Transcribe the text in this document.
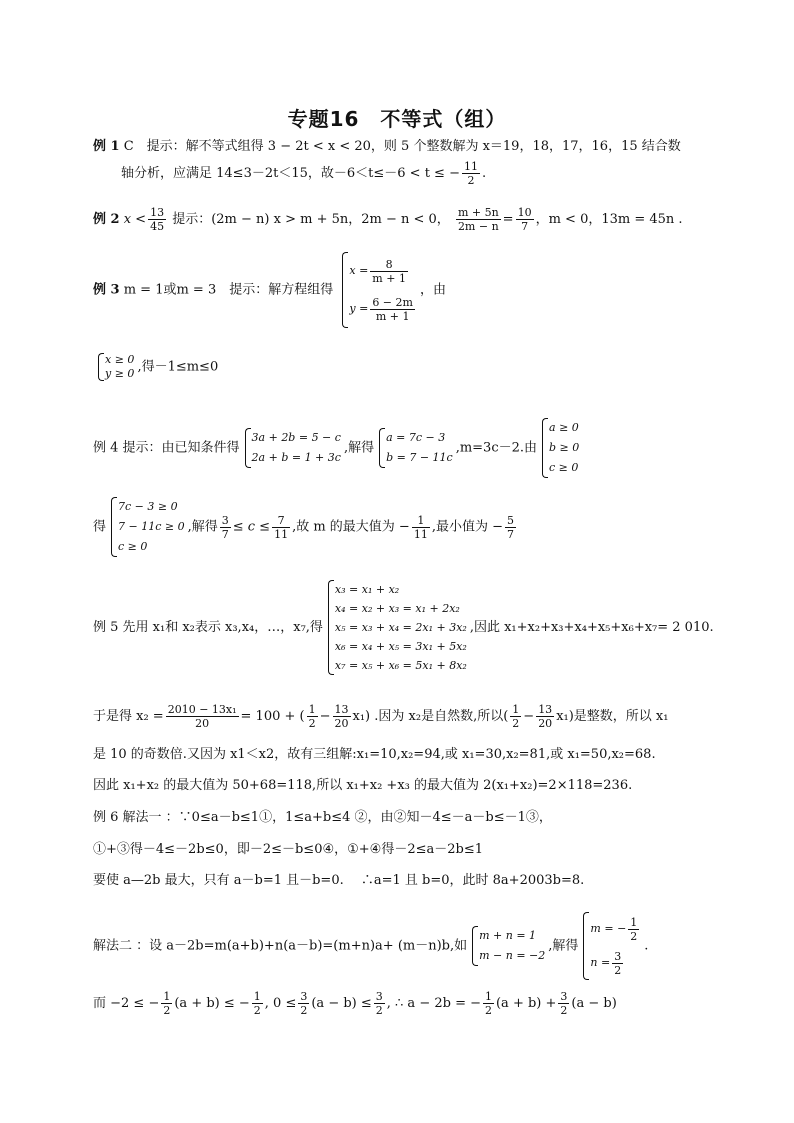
专题16　不等式（组）
例 1 C　提示：解不等式组得 3 − 2t < x < 20，则 5 个整数解为 x＝19，18，17，16，15 结合数
轴分析，应满足 14≤3－2t＜15，故－6＜t≤－6 < t ≤ − $\frac{11}{2}$ .
例 2 $x < \frac{13}{45}$ 提示：(2m − n) x > m + 5n，2m − n < 0， $\frac{m + 5n}{2m - n} = \frac{10}{7}$ ，m < 0，13m = 45n .
例 3 m = 1或m = 3　提示：解方程组得
$x = \frac{8}{m + 1}$
$y = \frac{6 - 2m}{m + 1}$
，由
x ≥ 0
y ≥ 0 ,得－1≤m≤0
例 4 提示：由已知条件得
3a + 2b = 5 − c
2a + b = 1 + 3c
,解得
a = 7c − 3
b = 7 − 11c
,m=3c－2.由
a ≥ 0
b ≥ 0
c ≥ 0
得
7c − 3 ≥ 0
7 − 11c ≥ 0
c ≥ 0
,解得 $\frac{3}{7} \le c \le \frac{7}{11}$ ,故 m 的最大值为 − $\frac{1}{11}$ ,最小值为 − $\frac{5}{7}$
例 5 先用 x₁和 x₂表示 x₃,x₄，…，x₇,得
x₃ = x₁ + x₂
x₄ = x₂ + x₃ = x₁ + 2x₂
x₅ = x₃ + x₄ = 2x₁ + 3x₂
x₆ = x₄ + x₅ = 3x₁ + 5x₂
x₇ = x₅ + x₆ = 5x₁ + 8x₂
,因此 x₁+x₂+x₃+x₄+x₅+x₆+x₇= 2 010.
于是得 $x_2 = \frac{\text{2010 − 13x₁}}{20} = 100$ + ( $\frac{1}{2} - \frac{13}{20} x_1$) .因为 x₂是自然数,所以( $\frac{1}{2} - \frac{13}{20} x_1$)是整数，所以 x₁
是 10 的奇数倍.又因为 x1＜x2，故有三组解:x₁=10,x₂=94,或 x₁=30,x₂=81,或 x₁=50,x₂=68.
因此 x₁+x₂ 的最大值为 50+68=118,所以 x₁+x₂ +x₃ 的最大值为 2(x₁+x₂)=2×118=236.
例 6 解法一 ：∵0≤a－b≤1①，1≤a+b≤4 ②，由②知－4≤－a－b≤－1③，
①+③得－4≤－2b≤0，即－2≤－b≤0④，①+④得－2≤a－2b≤1
要使 a—2b 最大，只有 a－b=1 且－b=0.　 ∴a=1 且 b=0，此时 8a+2003b=8.
解法二 ：设 a－2b=m(a+b)+n(a－b)=(m+n)a+ (m－n)b,如
m + n = 1
m − n = −2
,解得
m = − $\frac{1}{2}$
$n = \frac{3}{2}$
.
而 −2 ≤ − $\frac{1}{2} (a + b)$ ≤ − $\frac{1}{2}$ , $0 \le \frac{3}{2} (a - b) \le \frac{3}{2}$ , ∴ a − 2b = − $\frac{1}{2} (a + b) + \frac{3}{2} (a - b)$
